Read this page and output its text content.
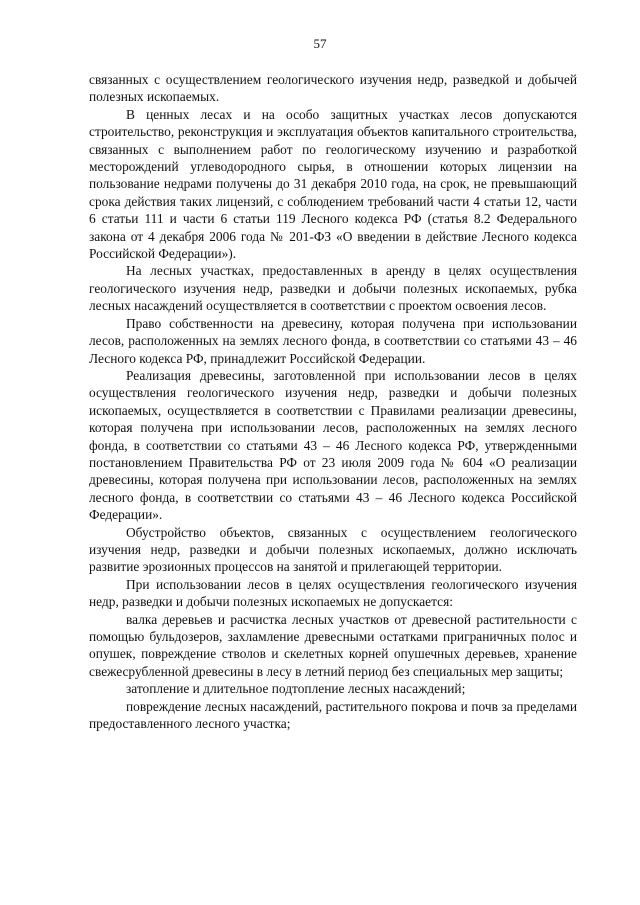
57

связанных с осуществлением геологического изучения недр, разведкой и добычей полезных ископаемых.

В ценных лесах и на особо защитных участках лесов допускаются строительство, реконструкция и эксплуатация объектов капитального строительства, связанных с выполнением работ по геологическому изучению и разработкой месторождений углеводородного сырья, в отношении которых лицензии на пользование недрами получены до 31 декабря 2010 года, на срок, не превышающий срока действия таких лицензий, с соблюдением требований части 4 статьи 12, части 6 статьи 111 и части 6 статьи 119 Лесного кодекса РФ (статья 8.2 Федерального закона от 4 декабря 2006 года № 201-ФЗ «О введении в действие Лесного кодекса Российской Федерации»).

На лесных участках, предоставленных в аренду в целях осуществления геологического изучения недр, разведки и добычи полезных ископаемых, рубка лесных насаждений осуществляется в соответствии с проектом освоения лесов.

Право собственности на древесину, которая получена при использовании лесов, расположенных на землях лесного фонда, в соответствии со статьями 43 – 46 Лесного кодекса РФ, принадлежит Российской Федерации.

Реализация древесины, заготовленной при использовании лесов в целях осуществления геологического изучения недр, разведки и добычи полезных ископаемых, осуществляется в соответствии с Правилами реализации древесины, которая получена при использовании лесов, расположенных на землях лесного фонда, в соответствии со статьями 43 – 46 Лесного кодекса РФ, утвержденными постановлением Правительства РФ от 23 июля 2009 года № 604 «О реализации древесины, которая получена при использовании лесов, расположенных на землях лесного фонда, в соответствии со статьями 43 – 46 Лесного кодекса Российской Федерации».

Обустройство объектов, связанных с осуществлением геологического изучения недр, разведки и добычи полезных ископаемых, должно исключать развитие эрозионных процессов на занятой и прилегающей территории.

При использовании лесов в целях осуществления геологического изучения недр, разведки и добычи полезных ископаемых не допускается:

валка деревьев и расчистка лесных участков от древесной растительности с помощью бульдозеров, захламление древесными остатками приграничных полос и опушек, повреждение стволов и скелетных корней опушечных деревьев, хранение свежесрубленной древесины в лесу в летний период без специальных мер защиты;

затопление и длительное подтопление лесных насаждений;

повреждение лесных насаждений, растительного покрова и почв за пределами предоставленного лесного участка;
